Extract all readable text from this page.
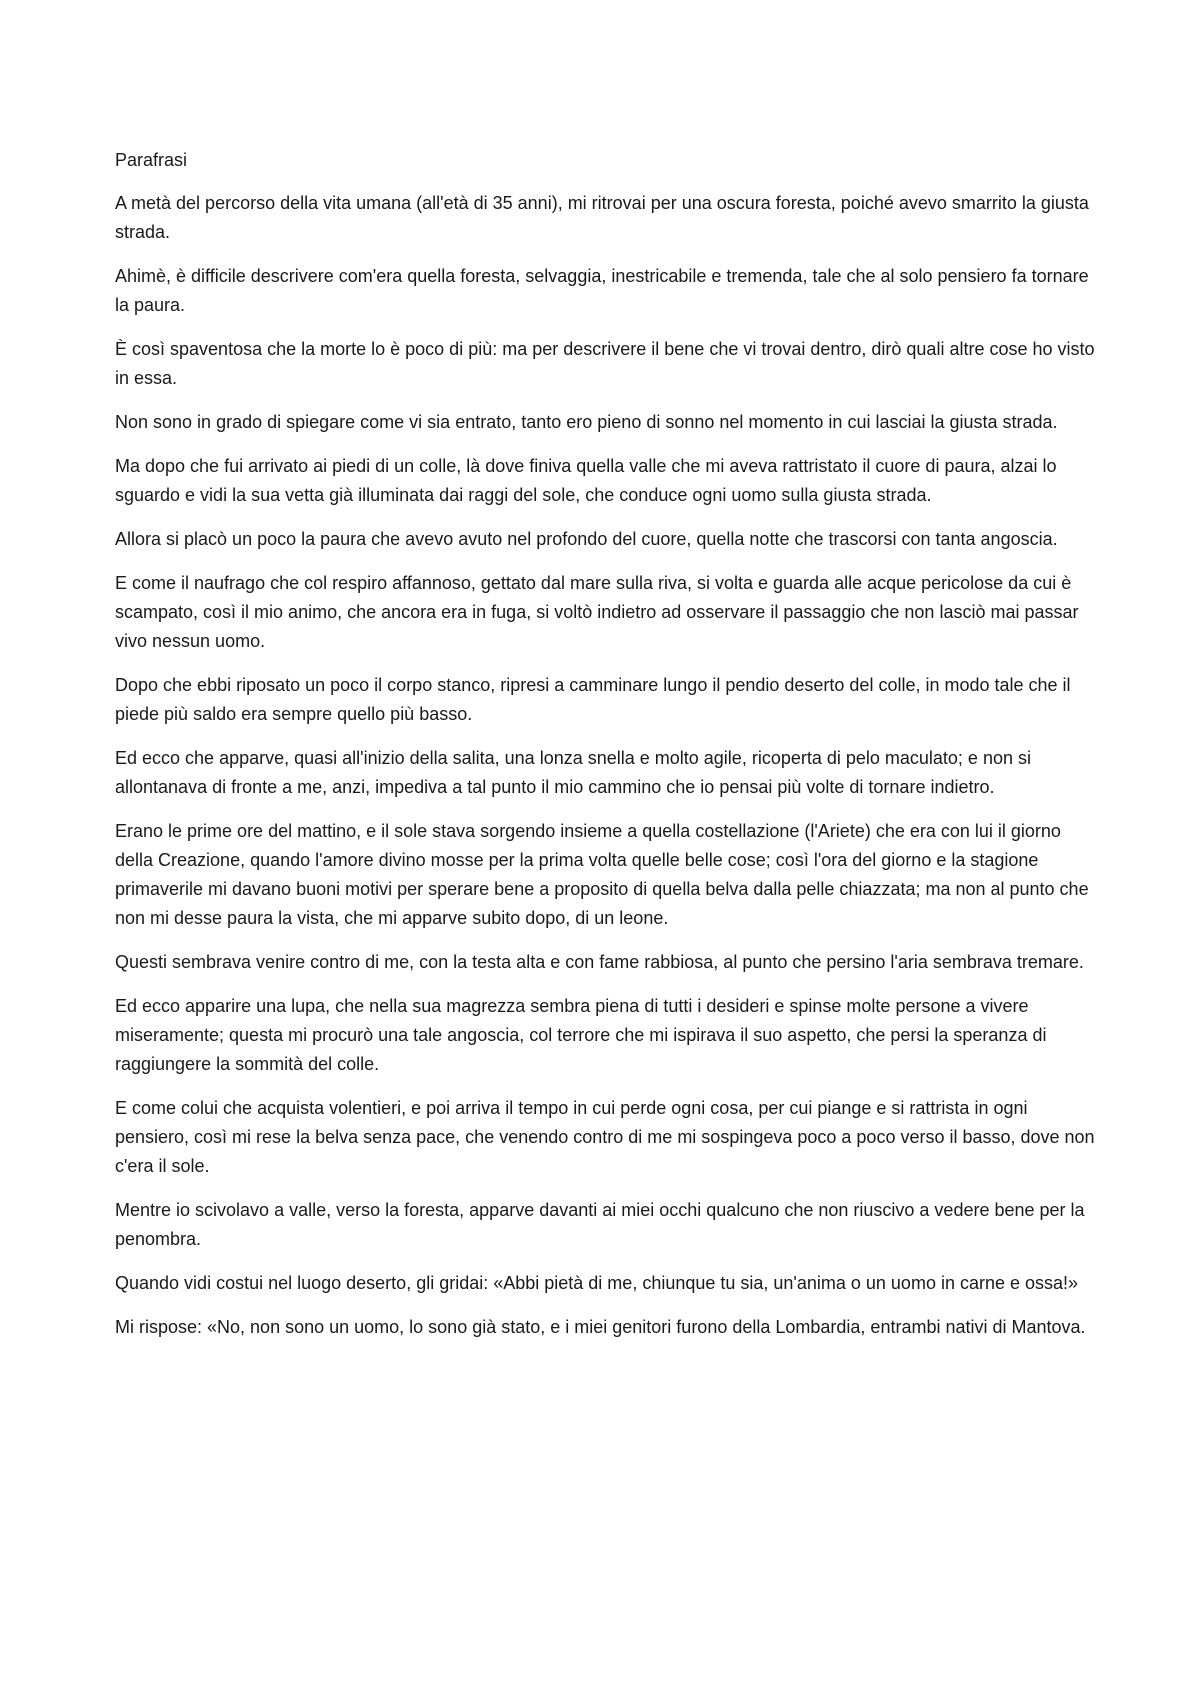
Parafrasi

A metà del percorso della vita umana (all'età di 35 anni), mi ritrovai per una oscura foresta, poiché avevo smarrito la giusta strada.

Ahimè, è difficile descrivere com'era quella foresta, selvaggia, inestricabile e tremenda, tale che al solo pensiero fa tornare la paura.

È così spaventosa che la morte lo è poco di più: ma per descrivere il bene che vi trovai dentro, dirò quali altre cose ho visto in essa.

Non sono in grado di spiegare come vi sia entrato, tanto ero pieno di sonno nel momento in cui lasciai la giusta strada.

Ma dopo che fui arrivato ai piedi di un colle, là dove finiva quella valle che mi aveva rattristato il cuore di paura, alzai lo sguardo e vidi la sua vetta già illuminata dai raggi del sole, che conduce ogni uomo sulla giusta strada.

Allora si placò un poco la paura che avevo avuto nel profondo del cuore, quella notte che trascorsi con tanta angoscia.

E come il naufrago che col respiro affannoso, gettato dal mare sulla riva, si volta e guarda alle acque pericolose da cui è scampato, così il mio animo, che ancora era in fuga, si voltò indietro ad osservare il passaggio che non lasciò mai passar vivo nessun uomo.

Dopo che ebbi riposato un poco il corpo stanco, ripresi a camminare lungo il pendio deserto del colle, in modo tale che il piede più saldo era sempre quello più basso.

Ed ecco che apparve, quasi all'inizio della salita, una lonza snella e molto agile, ricoperta di pelo maculato; e non si allontanava di fronte a me, anzi, impediva a tal punto il mio cammino che io pensai più volte di tornare indietro.

Erano le prime ore del mattino, e il sole stava sorgendo insieme a quella costellazione (l'Ariete) che era con lui il giorno della Creazione, quando l'amore divino mosse per la prima volta quelle belle cose; così l'ora del giorno e la stagione primaverile mi davano buoni motivi per sperare bene a proposito di quella belva dalla pelle chiazzata; ma non al punto che non mi desse paura la vista, che mi apparve subito dopo, di un leone.

Questi sembrava venire contro di me, con la testa alta e con fame rabbiosa, al punto che persino l'aria sembrava tremare.

Ed ecco apparire una lupa, che nella sua magrezza sembra piena di tutti i desideri e spinse molte persone a vivere miseramente; questa mi procurò una tale angoscia, col terrore che mi ispirava il suo aspetto, che persi la speranza di raggiungere la sommità del colle.

E come colui che acquista volentieri, e poi arriva il tempo in cui perde ogni cosa, per cui piange e si rattrista in ogni pensiero, così mi rese la belva senza pace, che venendo contro di me mi sospingeva poco a poco verso il basso, dove non c'era il sole.

Mentre io scivolavo a valle, verso la foresta, apparve davanti ai miei occhi qualcuno che non riuscivo a vedere bene per la penombra.

Quando vidi costui nel luogo deserto, gli gridai: «Abbi pietà di me, chiunque tu sia, un'anima o un uomo in carne e ossa!»

Mi rispose: «No, non sono un uomo, lo sono già stato, e i miei genitori furono della Lombardia, entrambi nativi di Mantova.
